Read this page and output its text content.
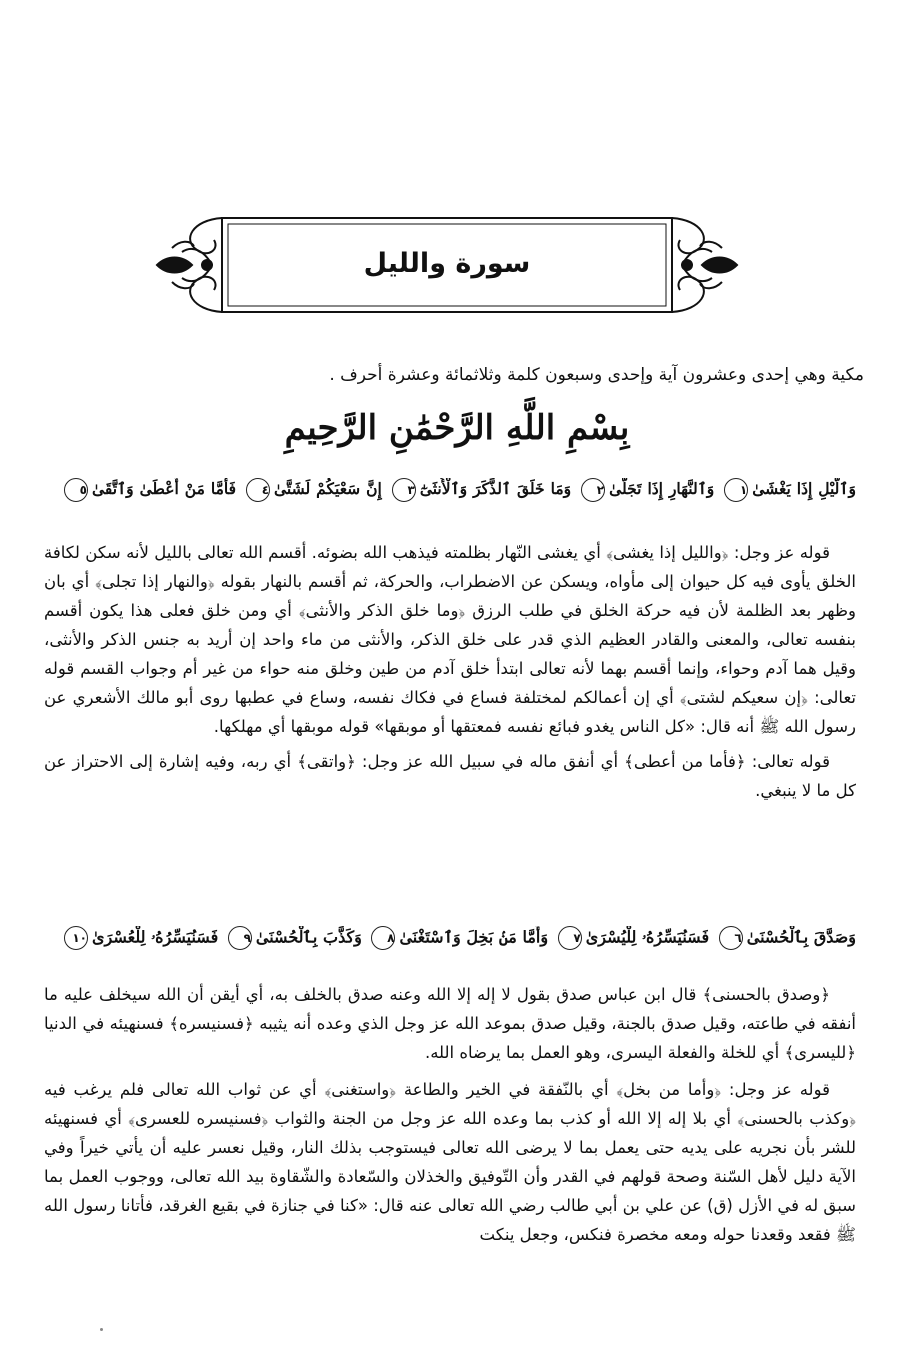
سورة والليل
مكية وهي إحدى وعشرون آية وإحدى وسبعون كلمة وثلاثمائة وعشرة أحرف .
بِسْمِ اللَّهِ الرَّحْمَٰنِ الرَّحِيمِ
وَٱلَّيْلِ إِذَا يَغْشَىٰ١ وَٱلنَّهَارِ إِذَا تَجَلَّىٰ٢ وَمَا خَلَقَ ٱلذَّكَرَ وَٱلْأُنثَىٰٓ٣ إِنَّ سَعْيَكُمْ لَشَتَّىٰ٤ فَأَمَّا مَنْ أَعْطَىٰ وَٱتَّقَىٰ٥

قوله عز وجل: ﴿والليل إذا يغشى﴾ أي يغشى النّهار بظلمته فيذهب الله بضوئه. أقسم الله تعالى بالليل لأنه سكن لكافة الخلق يأوى فيه كل حيوان إلى مأواه، ويسكن عن الاضطراب، والحركة، ثم أقسم بالنهار بقوله ﴿والنهار إذا تجلى﴾ أي بان وظهر بعد الظلمة لأن فيه حركة الخلق في طلب الرزق ﴿وما خلق الذكر والأنثى﴾ أي ومن خلق فعلى هذا يكون أقسم بنفسه تعالى، والمعنى والقادر العظيم الذي قدر على خلق الذكر، والأنثى من ماء واحد إن أريد به جنس الذكر والأنثى، وقيل هما آدم وحواء، وإنما أقسم بهما لأنه تعالى ابتدأ خلق آدم من طين وخلق منه حواء من غير أم وجواب القسم قوله تعالى: ﴿إن سعيكم لشتى﴾ أي إن أعمالكم لمختلفة فساع في فكاك نفسه، وساع في عطبها روى أبو مالك الأشعري عن رسول الله ﷺ أنه قال: «كل الناس يغدو فبائع نفسه فمعتقها أو موبقها» قوله موبقها أي مهلكها.

قوله تعالى: ﴿فأما من أعطى﴾ أي أنفق ماله في سبيل الله عز وجل: ﴿واتقى﴾ أي ربه، وفيه إشارة إلى الاحتراز عن كل ما لا ينبغي.

وَصَدَّقَ بِٱلْحُسْنَىٰ٦ فَسَنُيَسِّرُهُۥ لِلْيُسْرَىٰ٧ وَأَمَّا مَنۢ بَخِلَ وَٱسْتَغْنَىٰ٨ وَكَذَّبَ بِٱلْحُسْنَىٰ٩ فَسَنُيَسِّرُهُۥ لِلْعُسْرَىٰ١٠

﴿وصدق بالحسنى﴾ قال ابن عباس صدق بقول لا إله إلا الله وعنه صدق بالخلف به، أي أيقن أن الله سيخلف عليه ما أنفقه في طاعته، وقيل صدق بالجنة، وقيل صدق بموعد الله عز وجل الذي وعده أنه يثيبه ﴿فسنيسره﴾ فسنهيئه في الدنيا ﴿لليسرى﴾ أي للخلة والفعلة اليسرى، وهو العمل بما يرضاه الله.

قوله عز وجل: ﴿وأما من بخل﴾ أي بالنّفقة في الخير والطاعة ﴿واستغنى﴾ أي عن ثواب الله تعالى فلم يرغب فيه ﴿وكذب بالحسنى﴾ أي بلا إله إلا الله أو كذب بما وعده الله عز وجل من الجنة والثواب ﴿فسنيسره للعسرى﴾ أي فسنهيئه للشر بأن نجريه على يديه حتى يعمل بما لا يرضى الله تعالى فيستوجب بذلك النار، وقيل نعسر عليه أن يأتي خيراً وفي الآية دليل لأهل السّنة وصحة قولهم في القدر وأن التّوفيق والخذلان والسّعادة والشّقاوة بيد الله تعالى، ووجوب العمل بما سبق له في الأزل (ق) عن علي بن أبي طالب رضي الله تعالى عنه قال: «كنا في جنازة في بقيع الغرقد، فأتانا رسول الله ﷺ فقعد وقعدنا حوله ومعه مخصرة فنكس، وجعل ينكت
